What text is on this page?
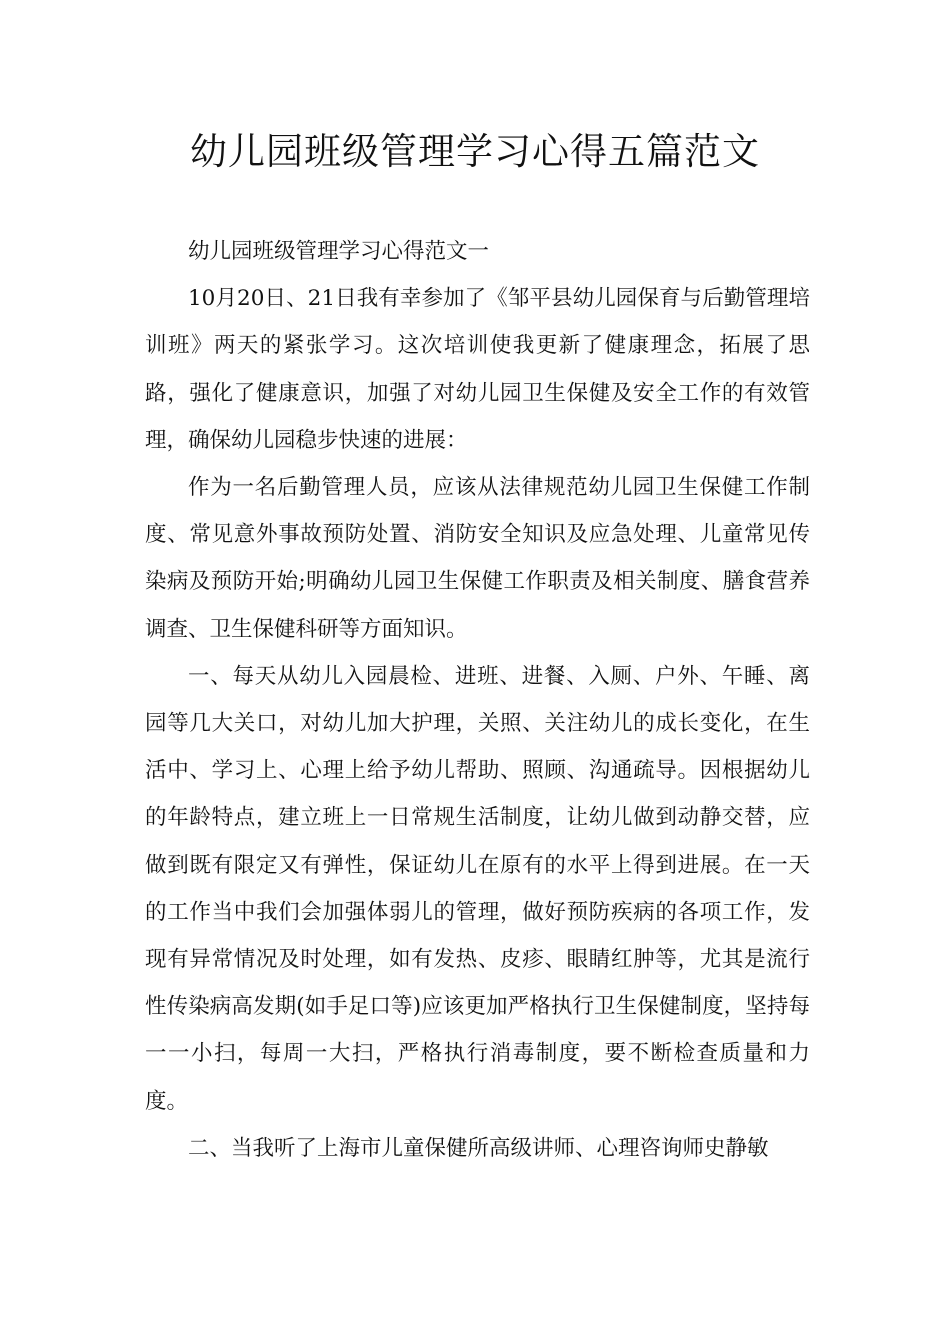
幼儿园班级管理学习心得五篇范文

幼儿园班级管理学习心得范文一

10月20日、21日我有幸参加了《邹平县幼儿园保育与后勤管理培训班》两天的紧张学习。这次培训使我更新了健康理念，拓展了思路，强化了健康意识，加强了对幼儿园卫生保健及安全工作的有效管理，确保幼儿园稳步快速的进展：

作为一名后勤管理人员，应该从法律规范幼儿园卫生保健工作制度、常见意外事故预防处置、消防安全知识及应急处理、儿童常见传染病及预防开始;明确幼儿园卫生保健工作职责及相关制度、膳食营养调查、卫生保健科研等方面知识。

一、每天从幼儿入园晨检、进班、进餐、入厕、户外、午睡、离园等几大关口，对幼儿加大护理，关照、关注幼儿的成长变化，在生活中、学习上、心理上给予幼儿帮助、照顾、沟通疏导。因根据幼儿的年龄特点，建立班上一日常规生活制度，让幼儿做到动静交替，应做到既有限定又有弹性，保证幼儿在原有的水平上得到进展。在一天的工作当中我们会加强体弱儿的管理，做好预防疾病的各项工作，发现有异常情况及时处理，如有发热、皮疹、眼睛红肿等，尤其是流行性传染病高发期(如手足口等)应该更加严格执行卫生保健制度，坚持每一一小扫，每周一大扫，严格执行消毒制度，要不断检查质量和力度。

二、当我听了上海市儿童保健所高级讲师、心理咨询师史静敏
